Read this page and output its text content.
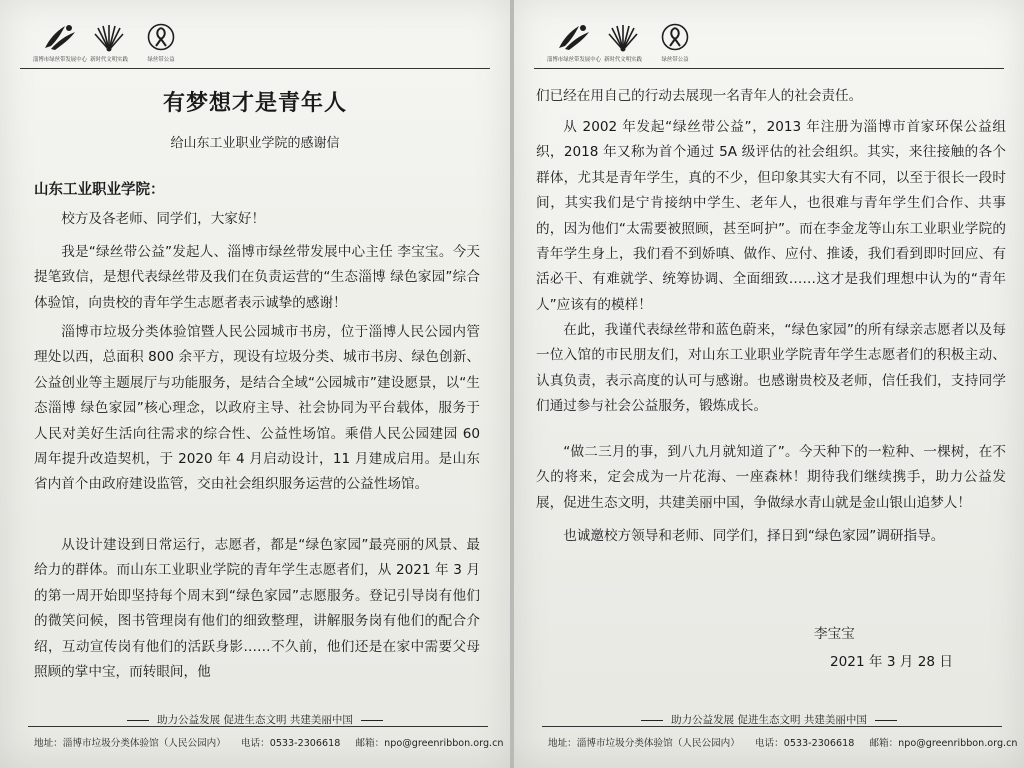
淄博市绿丝带发展中心 新时代文明实践	绿丝带公益
有梦想才是青年人
给山东工业职业学院的感谢信
山东工业职业学院：

校方及各老师、同学们，大家好！

我是“绿丝带公益”发起人、淄博市绿丝带发展中心主任 李宝宝。今天提笔致信，是想代表绿丝带及我们在负责运营的“生态淄博 绿色家园”综合体验馆，向贵校的青年学生志愿者表示诚挚的感谢！

淄博市垃圾分类体验馆暨人民公园城市书房，位于淄博人民公园内管理处以西，总面积 800 余平方，现设有垃圾分类、城市书房、绿色创新、公益创业等主题展厅与功能服务，是结合全域“公园城市”建设愿景，以“生态淄博 绿色家园”核心理念，以政府主导、社会协同为平台载体，服务于人民对美好生活向往需求的综合性、公益性场馆。乘借人民公园建园 60 周年提升改造契机，于 2020 年 4 月启动设计，11 月建成启用。是山东省内首个由政府建设监管，交由社会组织服务运营的公益性场馆。

从设计建设到日常运行，志愿者，都是“绿色家园”最亮丽的风景、最给力的群体。而山东工业职业学院的青年学生志愿者们，从 2021 年 3 月的第一周开始即坚持每个周末到“绿色家园”志愿服务。登记引导岗有他们的微笑问候，图书管理岗有他们的细致整理，讲解服务岗有他们的配合介绍，互动宣传岗有他们的活跃身影……不久前，他们还是在家中需要父母照顾的掌中宝，而转眼间，他

助力公益发展 促进生态文明 共建美丽中国
地址：淄博市垃圾分类体验馆（人民公园内） 电话：0533-2306618 邮箱：npo@greenribbon.org.cn
淄博市绿丝带发展中心 新时代文明实践	绿丝带公益

们已经在用自己的行动去展现一名青年人的社会责任。

从 2002 年发起“绿丝带公益”，2013 年注册为淄博市首家环保公益组织，2018 年又称为首个通过 5A 级评估的社会组织。其实，来往接触的各个群体，尤其是青年学生，真的不少，但印象其实大有不同，以至于很长一段时间，其实我们是宁肯接纳中学生、老年人，也很难与青年学生们合作、共事的，因为他们“太需要被照顾，甚至呵护”。而在李金龙等山东工业职业学院的青年学生身上，我们看不到娇嗔、做作、应付、推诿，我们看到即时回应、有活必干、有难就学、统筹协调、全面细致……这才是我们理想中认为的“青年人”应该有的模样！

在此，我谨代表绿丝带和蓝色蔚来，“绿色家园”的所有绿亲志愿者以及每一位入馆的市民朋友们，对山东工业职业学院青年学生志愿者们的积极主动、认真负责，表示高度的认可与感谢。也感谢贵校及老师，信任我们，支持同学们通过参与社会公益服务，锻炼成长。

“做二三月的事，到八九月就知道了”。今天种下的一粒种、一棵树，在不久的将来，定会成为一片花海、一座森林！期待我们继续携手，助力公益发展，促进生态文明，共建美丽中国，争做绿水青山就是金山银山追梦人！

也诚邀校方领导和老师、同学们，择日到“绿色家园”调研指导。

李宝宝
2021 年 3 月 28 日
助力公益发展 促进生态文明 共建美丽中国
地址：淄博市垃圾分类体验馆（人民公园内） 电话：0533-2306618 邮箱：npo@greenribbon.org.cn
